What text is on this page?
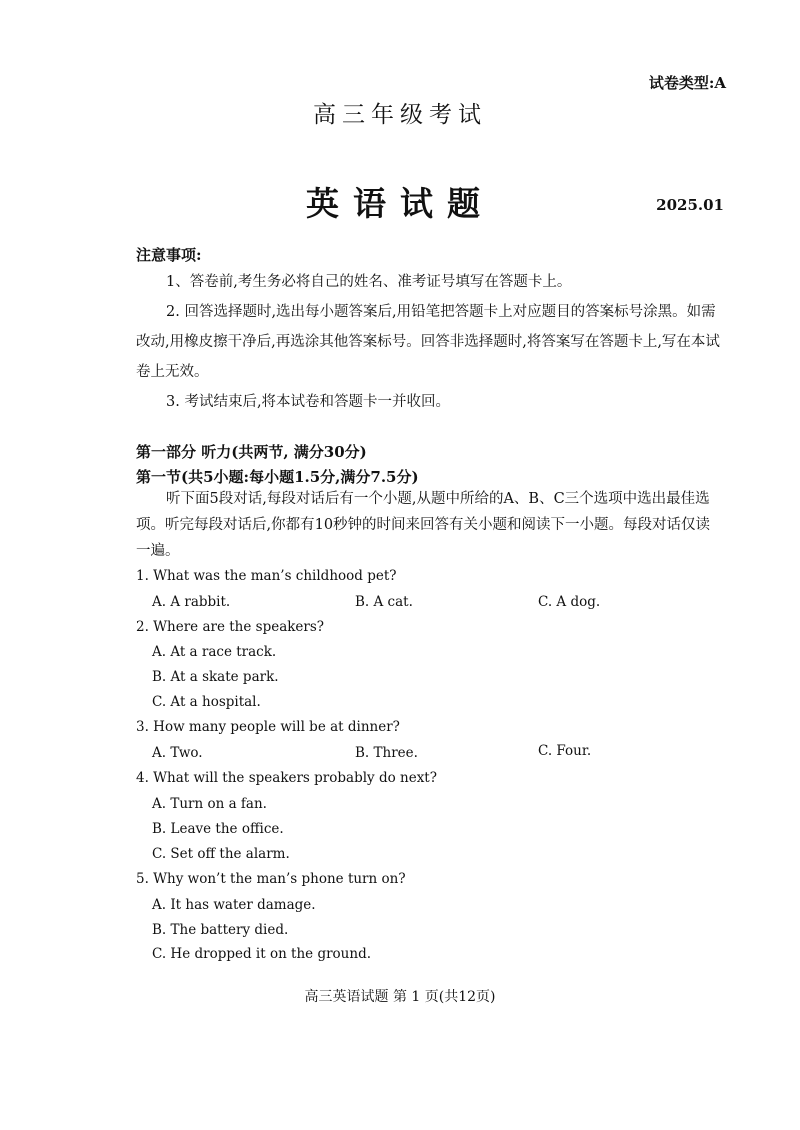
试卷类型:A
高三年级考试
英语试题	2025.01
注意事项:
1、答卷前,考生务必将自己的姓名、准考证号填写在答题卡上。
2. 回答选择题时,选出每小题答案后,用铅笔把答题卡上对应题目的答案标号涂黑。如需改动,用橡皮擦干净后,再选涂其他答案标号。回答非选择题时,将答案写在答题卡上,写在本试卷上无效。
3. 考试结束后,将本试卷和答题卡一并收回。
第一部分 听力(共两节, 满分30分)
第一节(共5小题:每小题1.5分,满分7.5分)
听下面5段对话,每段对话后有一个小题,从题中所给的A、B、C三个选项中选出最佳选项。听完每段对话后,你都有10秒钟的时间来回答有关小题和阅读下一小题。每段对话仅读一遍。
1. What was the man’s childhood pet?
A. A rabbit.	B. A cat.	C. A dog.
2. Where are the speakers?
A. At a race track.
B. At a skate park.
C. At a hospital.
3. How many people will be at dinner?
A. Two.	B. Three.	C. Four.
4. What will the speakers probably do next?
A. Turn on a fan.
B. Leave the office.
C. Set off the alarm.
5. Why won’t the man’s phone turn on?
A. It has water damage.
B. The battery died.
C. He dropped it on the ground.
高三英语试题 第 1 页(共12页)
